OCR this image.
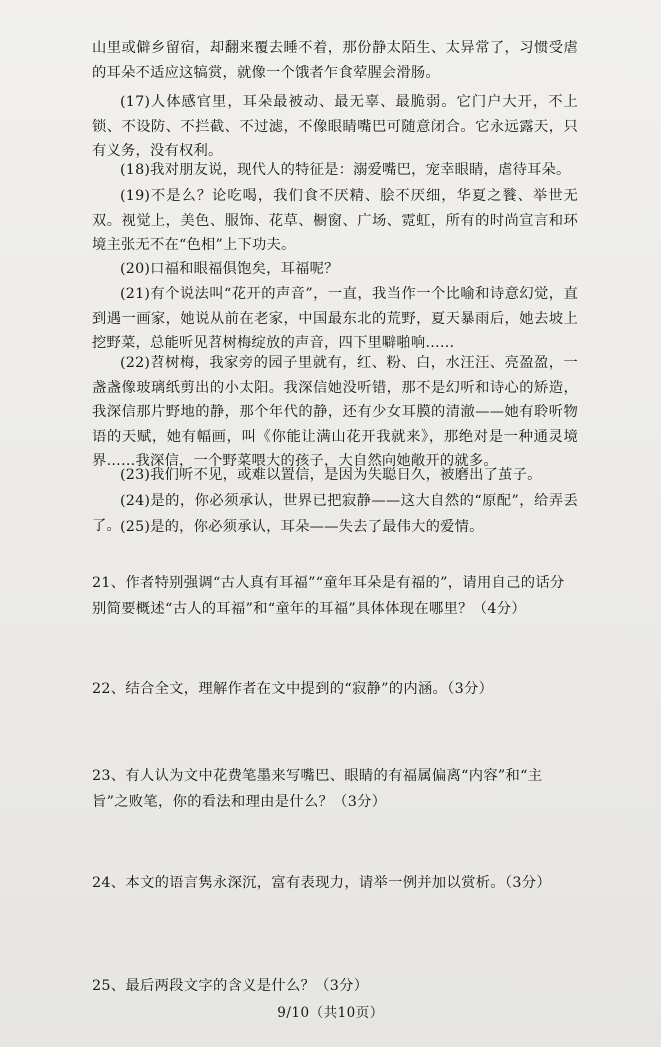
山里或僻乡留宿，却翻来覆去睡不着，那份静太陌生、太异常了，习惯受虐的耳朵不适应这犒赏，就像一个饿者乍食荤腥会滑肠。

(17)人体感官里，耳朵最被动、最无辜、最脆弱。它门户大开，不上锁、不设防、不拦截、不过滤，不像眼睛嘴巴可随意闭合。它永远露天，只有义务，没有权利。

(18)我对朋友说，现代人的特征是：溺爱嘴巴，宠幸眼睛，虐待耳朵。

(19)不是么？论吃喝，我们食不厌精、脍不厌细，华夏之餮、举世无双。视觉上，美色、服饰、花草、橱窗、广场、霓虹，所有的时尚宣言和环境主张无不在“色相”上下功夫。

(20)口福和眼福俱饱矣，耳福呢？

(21)有个说法叫“花开的声音”，一直，我当作一个比喻和诗意幻觉，直到遇一画家，她说从前在老家，中国最东北的荒野，夏天暴雨后，她去坡上挖野菜，总能听见苕树梅绽放的声音，四下里噼啪响……

(22)苕树梅，我家旁的园子里就有，红、粉、白，水汪汪、亮盈盈，一盏盏像玻璃纸剪出的小太阳。我深信她没听错，那不是幻听和诗心的矫造，我深信那片野地的静，那个年代的静，还有少女耳膜的清澈——她有聆听物语的天赋，她有幅画，叫《你能让满山花开我就来》，那绝对是一种通灵境界……我深信，一个野菜喂大的孩子，大自然向她敞开的就多。

(23)我们听不见，或难以置信，是因为失聪日久，被磨出了茧子。

(24)是的，你必须承认，世界已把寂静——这大自然的“原配”，给弄丢了。 (25)是的，你必须承认，耳朵——失去了最伟大的爱情。

21、作者特别强调“古人真有耳福”“童年耳朵是有福的”，请用自己的话分别简要概述“古人的耳福”和“童年的耳福”具体体现在哪里？（4分）

22、结合全文，理解作者在文中提到的“寂静”的内涵。（3分）

23、有人认为文中花费笔墨来写嘴巴、眼睛的有福属偏离“内容”和“主旨”之败笔，你的看法和理由是什么？（3分）

24、本文的语言隽永深沉，富有表现力，请举一例并加以赏析。（3分）

25、最后两段文字的含义是什么？（3分）

9/10（共10页）
